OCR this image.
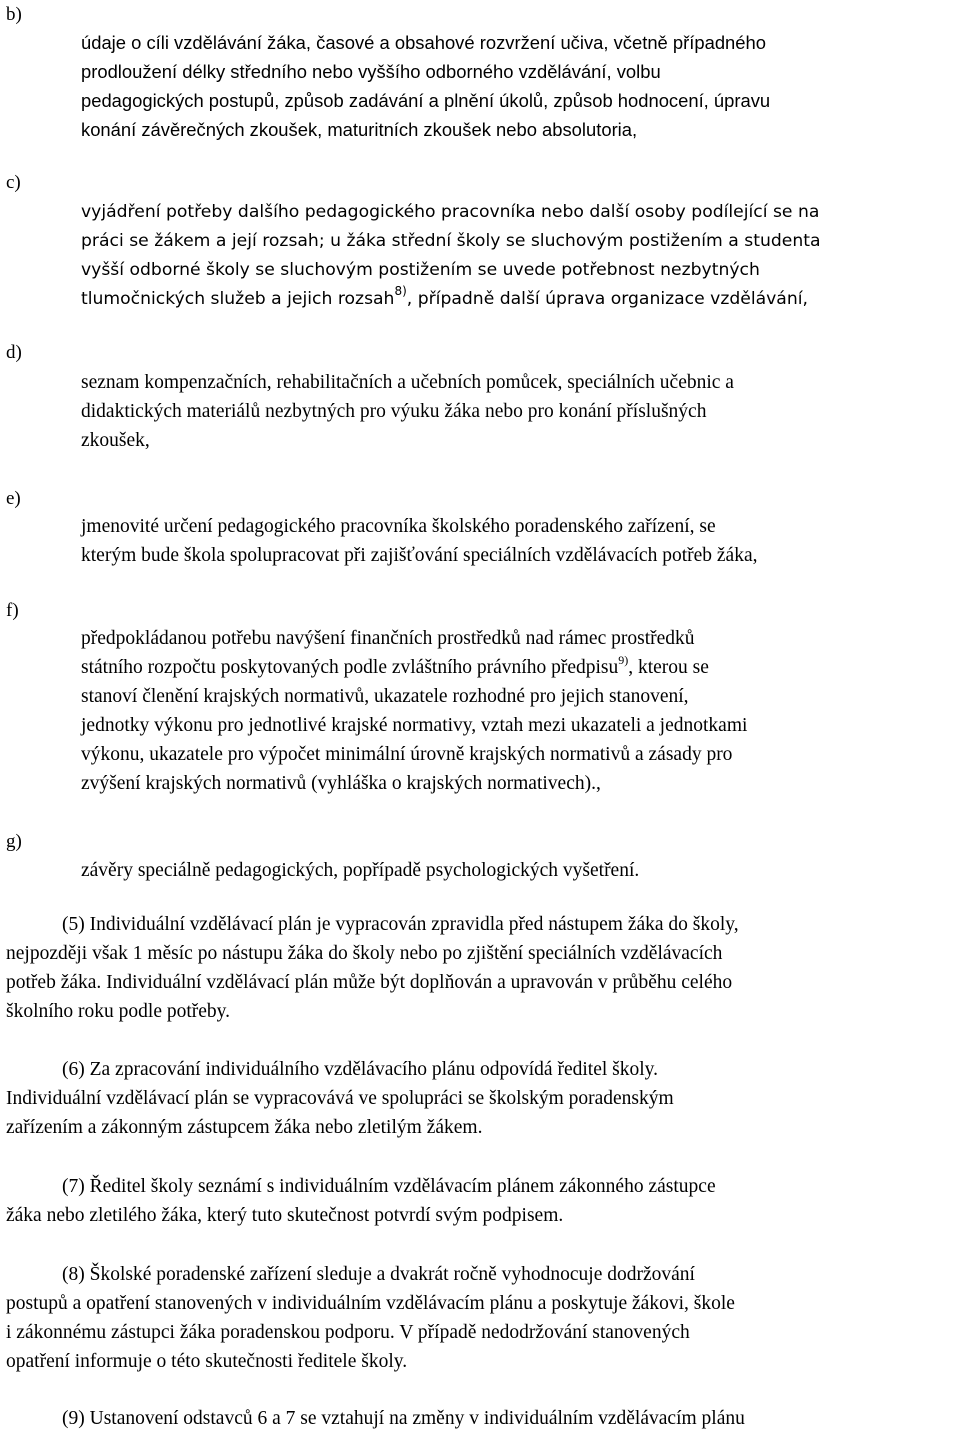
b)

údaje o cíli vzdělávání žáka, časové a obsahové rozvržení učiva, včetně případného
prodloužení délky středního nebo vyššího odborného vzdělávání, volbu
pedagogických postupů, způsob zadávání a plnění úkolů, způsob hodnocení, úpravu
konání závěrečných zkoušek, maturitních zkoušek nebo absolutoria,

c)

vyjádření potřeby dalšího pedagogického pracovníka nebo další osoby podílející se na
práci se žákem a její rozsah; u žáka střední školy se sluchovým postižením a studenta
vyšší odborné školy se sluchovým postižením se uvede potřebnost nezbytných
tlumočnických služeb a jejich rozsah$^{8)}$, případně další úprava organizace vzdělávání,

d)

seznam kompenzačních, rehabilitačních a učebních pomůcek, speciálních učebnic a
didaktických materiálů nezbytných pro výuku žáka nebo pro konání příslušných
zkoušek,

e)

jmenovité určení pedagogického pracovníka školského poradenského zařízení, se
kterým bude škola spolupracovat při zajišťování speciálních vzdělávacích potřeb žáka,

f)

předpokládanou potřebu navýšení finančních prostředků nad rámec prostředků
státního rozpočtu poskytovaných podle zvláštního právního předpisu$^{9)}$, kterou se
stanoví členění krajských normativů, ukazatele rozhodné pro jejich stanovení,
jednotky výkonu pro jednotlivé krajské normativy, vztah mezi ukazateli a jednotkami
výkonu, ukazatele pro výpočet minimální úrovně krajských normativů a zásady pro
zvýšení krajských normativů (vyhláška o krajských normativech).,

g)

závěry speciálně pedagogických, popřípadě psychologických vyšetření.

(5) Individuální vzdělávací plán je vypracován zpravidla před nástupem žáka do školy,
nejpozději však 1 měsíc po nástupu žáka do školy nebo po zjištění speciálních vzdělávacích
potřeb žáka. Individuální vzdělávací plán může být doplňován a upravován v průběhu celého
školního roku podle potřeby.

(6) Za zpracování individuálního vzdělávacího plánu odpovídá ředitel školy.
Individuální vzdělávací plán se vypracovává ve spolupráci se školským poradenským
zařízením a zákonným zástupcem žáka nebo zletilým žákem.

(7) Ředitel školy seznámí s individuálním vzdělávacím plánem zákonného zástupce
žáka nebo zletilého žáka, který tuto skutečnost potvrdí svým podpisem.

(8) Školské poradenské zařízení sleduje a dvakrát ročně vyhodnocuje dodržování
postupů a opatření stanovených v individuálním vzdělávacím plánu a poskytuje žákovi, škole
i zákonnému zástupci žáka poradenskou podporu. V případě nedodržování stanovených
opatření informuje o této skutečnosti ředitele školy.

(9) Ustanovení odstavců 6 a 7 se vztahují na změny v individuálním vzdělávacím plánu
